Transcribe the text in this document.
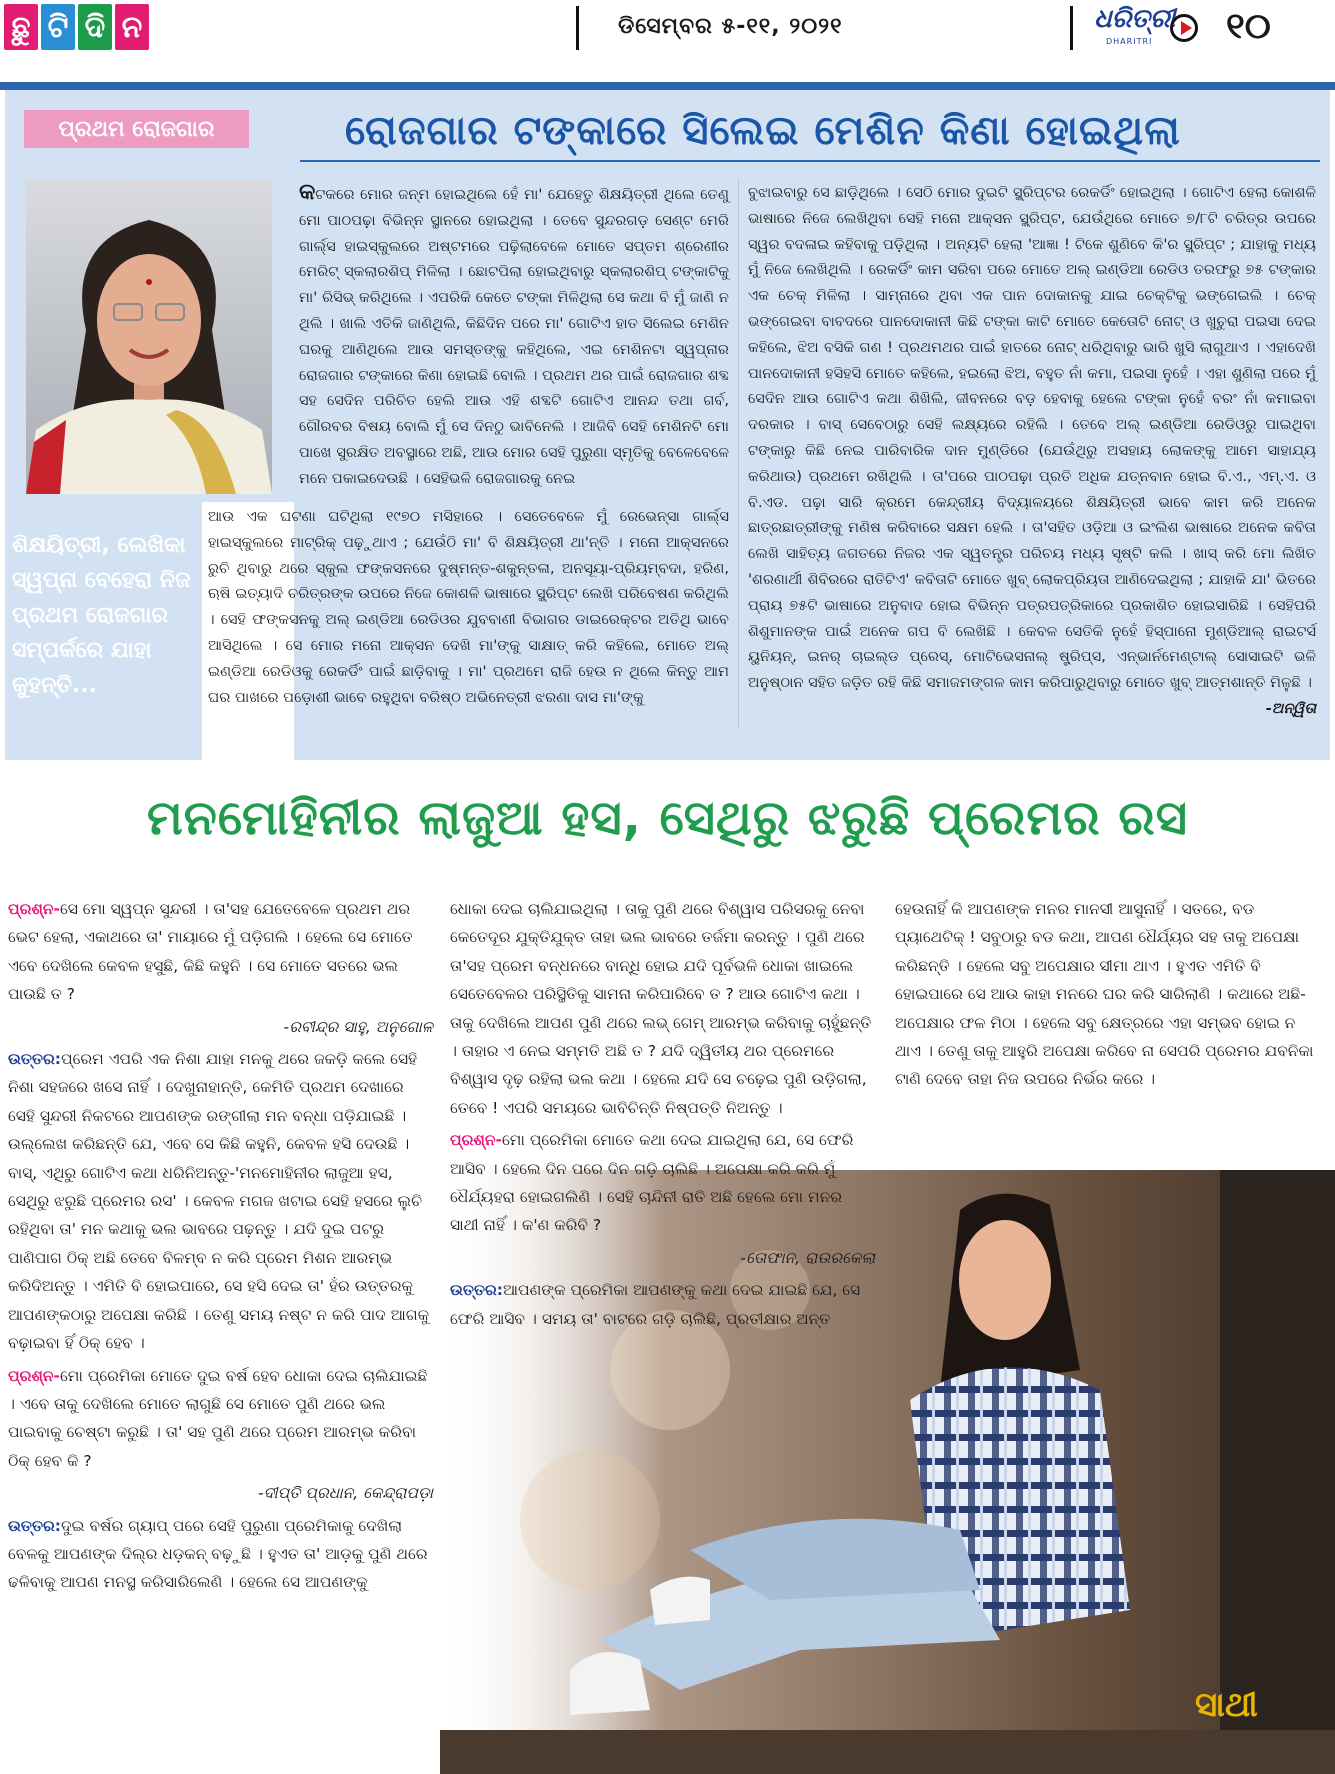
ଛୁ ଟି ଦି ନ	ଡିସେମ୍ବର ୫-୧୧, ୨୦୨୧	ଧରିତ୍ରୀ
DHARITRI ୧୦
ପ୍ରଥମ ରୋଜଗାର	ରୋଜଗାର ଟଙ୍କାରେ ସିଲେଇ ମେଶିନ କିଣା ହୋଇଥିଲା
ଶିକ୍ଷୟିତ୍ରୀ, ଲେଖିକା ସ୍ୱପ୍ନା ବେହେରା ନିଜ ପ୍ରଥମ ରୋଜଗାର ସମ୍ପର୍କରେ ଯାହା କୁହନ୍ତି...

କଟକରେ ମୋର ଜନ୍ମ ହୋଇଥିଲେ ହେଁ ମା' ଯେହେତୁ ଶିକ୍ଷୟିତ୍ରୀ ଥିଲେ ତେଣୁ ମୋ ପାଠପଢ଼ା ବିଭିନ୍ନ ସ୍ଥାନରେ ହୋଇଥିଲା । ତେବେ ସୁନ୍ଦରଗଡ଼ ସେଣ୍ଟ ମେରି ଗାର୍ଲ୍ସ ହାଇସ୍କୁଲରେ ଅଷ୍ଟମରେ ପଢ଼ିଲାବେଳେ ମୋତେ ସପ୍ତମ ଶ୍ରେଣୀର ମେରିଟ୍ ସ୍କଲାରଶିପ୍ ମିଳିଲା । ଛୋଟପିଲା ହୋଇଥିବାରୁ ସ୍କଲାରଶିପ୍ ଟଙ୍କାଟିକୁ ମା' ରିସିଭ୍ କରିଥିଲେ । ଏପରିକି କେତେ ଟଙ୍କା ମିଳିଥିଲା ସେ କଥା ବି ମୁଁ ଜାଣି ନ ଥିଲି । ଖାଲି ଏତିକି ଜାଣିଥିଲି, କିଛିଦିନ ପରେ ମା' ଗୋଟିଏ ହାତ ସିଲେଇ ମେଶିନ ଘରକୁ ଆଣିଥିଲେ ଆଉ ସମସ୍ତଙ୍କୁ କହିଥିଲେ, ଏଇ ମେଶିନଟା ସ୍ୱପ୍ନାର ରୋଜଗାର ଟଙ୍କାରେ କିଣା ହୋଇଛି ବୋଲି । ପ୍ରଥମ ଥର ପାଇଁ ରୋଜଗାର ଶବ୍ଦ ସହ ସେଦିନ ପରିଚିତ ହେଲି ଆଉ ଏହି ଶବ୍ଦଟି ଗୋଟିଏ ଆନନ୍ଦ ତଥା ଗର୍ବ, ଗୌରବର ବିଷୟ ବୋଲି ମୁଁ ସେ ଦିନଠୁ ଭାବିନେଲି । ଆଜିବି ସେହି ମେଶିନଟି ମୋ ପାଖେ ସୁରକ୍ଷିତ ଅବସ୍ଥାରେ ଅଛି, ଆଉ ମୋର ସେହି ପୁରୁଣା ସ୍ମୃତିକୁ ବେଳେବେଳେ ମନେ ପକାଇଦେଉଛି । ସେହିଭଳି ରୋଜଗାରକୁ ନେଇ

ଆଉ ଏକ ଘଟଣା ଘଟିଥିଲା ୧୯୭୦ ମସିହାରେ । ସେତେବେଳେ ମୁଁ ରେଭେନ୍ସା ଗାର୍ଲ୍ସ ହାଇସ୍କୁଲରେ ମାଟ୍ରିକ୍ ପଢ଼ୁଥାଏ ; ଯେଉଁଠି ମା' ବି ଶିକ୍ଷୟିତ୍ରୀ ଥା'ନ୍ତି । ମନୋ ଆକ୍ସନରେ ରୁଚି ଥିବାରୁ ଥରେ ସ୍କୁଲ ଫଙ୍କସନରେ ଦୁଷ୍ମନ୍ତ-ଶକୁନ୍ତଳା, ଅନସୂୟା-ପ୍ରିୟମ୍ବଦା, ହରିଣ, ଋଷି ଇତ୍ୟାଦି ଚରିତ୍ରଙ୍କ ଉପରେ ନିଜେ କୋଶଳି ଭାଷାରେ ସ୍କ୍ରିପ୍ଟ ଲେଖି ପରିବେଷଣ କରିଥିଲି । ସେହି ଫଙ୍କସନକୁ ଅଲ୍ ଇଣ୍ଡିଆ ରେଡିଓର ଯୁବବାଣୀ ବିଭାଗର ଡାଇରେକ୍ଟର ଅତିଥି ଭାବେ ଆସିଥିଲେ । ସେ ମୋର ମନୋ ଆକ୍ସନ ଦେଖି ମା'ଙ୍କୁ ସାକ୍ଷାତ୍ କରି କହିଲେ, ମୋତେ ଅଲ୍ ଇଣ୍ଡିଆ ରେଡିଓକୁ ରେକର୍ଡିଂ ପାଇଁ ଛାଡ଼ିବାକୁ । ମା' ପ୍ରଥମେ ରାଜି ହେଉ ନ ଥିଲେ କିନ୍ତୁ ଆମ ଘର ପାଖରେ ପଡ଼ୋଶୀ ଭାବେ ରହୁଥିବା ବରିଷ୍ଠ ଅଭିନେତ୍ରୀ ଝରଣା ଦାସ ମା'ଙ୍କୁ

ବୁଝାଇବାରୁ ସେ ଛାଡ଼ିଥିଲେ । ସେଠି ମୋର ଦୁଇଟି ସ୍କ୍ରିପ୍ଟର ରେକର୍ଡିଂ ହୋଇଥିଲା । ଗୋଟିଏ ହେଲା କୋଶଳି ଭାଷାରେ ନିଜେ ଲେଖିଥିବା ସେହି ମନୋ ଆକ୍ସନ ସ୍କ୍ରିପ୍ଟ, ଯେଉଁଥିରେ ମୋତେ ୭/୮ଟି ଚରିତ୍ର ଉପରେ ସ୍ୱର ବଦଳାଇ କହିବାକୁ ପଡ଼ିଥିଲା । ଅନ୍ୟଟି ହେଲା 'ଆଜ୍ଞା ! ଟିକେ ଶୁଣିବେ କି'ର ସ୍କ୍ରିପ୍ଟ ; ଯାହାକୁ ମଧ୍ୟ ମୁଁ ନିଜେ ଲେଖିଥିଲି । ରେକର୍ଡିଂ କାମ ସରିବା ପରେ ମୋତେ ଅଲ୍ ଇଣ୍ଡିଆ ରେଡିଓ ତରଫରୁ ୭୫ ଟଙ୍କାର ଏକ ଚେକ୍ ମିଳିଲା । ସାମ୍ନାରେ ଥିବା ଏକ ପାନ ଦୋକାନକୁ ଯାଇ ଚେକ୍‌ଟିକୁ ଭଙ୍ଗେଇଲି । ଚେକ୍ ଭଙ୍ଗେଇବା ବାବଦରେ ପାନଦୋକାନୀ କିଛି ଟଙ୍କା କାଟି ମୋତେ କେତୋଟି ନୋଟ୍ ଓ ଖୁଚୁରା ପଇସା ଦେଇ କହିଲେ, ଝିଅ ବସିକି ଗଣ ! ପ୍ରଥମଥର ପାଇଁ ହାତରେ ନୋଟ୍ ଧରିଥିବାରୁ ଭାରି ଖୁସି ଲାଗୁଥାଏ । ଏହାଦେଖି ପାନଦୋକାନୀ ହସିହସି ମୋତେ କହିଲେ, ହଇଲୋ ଝିଅ, ବହୁତ ନାଁ କମା, ପଇସା ନୁହେଁ । ଏହା ଶୁଣିଲା ପରେ ମୁଁ ସେଦିନ ଆଉ ଗୋଟିଏ କଥା ଶିଖିଲି, ଜୀବନରେ ବଡ଼ ହେବାକୁ ହେଲେ ଟଙ୍କା ନୁହେଁ ବରଂ ନାଁ କମାଇବା ଦରକାର । ବାସ୍ ସେବେଠାରୁ ସେହି ଲକ୍ଷ୍ୟରେ ରହିଲି । ତେବେ ଅଲ୍ ଇଣ୍ଡିଆ ରେଡିଓରୁ ପାଇଥିବା ଟଙ୍କାରୁ କିଛି ନେଇ ପାରିବାରିକ ଦାନ ମୁଣ୍ଡିରେ (ଯେଉଁଥିରୁ ଅସହାୟ ଲୋକଙ୍କୁ ଆମେ ସାହାଯ୍ୟ କରିଥାଉ) ପ୍ରଥମେ ରଖିଥିଲି । ତା'ପରେ ପାଠପଢ଼ା ପ୍ରତି ଅଧିକ ଯତ୍ନବାନ ହୋଇ ବି.ଏ., ଏମ୍.ଏ. ଓ ବି.ଏଡ. ପଢ଼ା ସାରି କ୍ରମେ କେନ୍ଦ୍ରୀୟ ବିଦ୍ୟାଳୟରେ ଶିକ୍ଷୟିତ୍ରୀ ଭାବେ କାମ କରି ଅନେକ ଛାତ୍ରଛାତ୍ରୀଙ୍କୁ ମଣିଷ କରିବାରେ ସକ୍ଷମ ହେଲି । ତା'ସହିତ ଓଡ଼ିଆ ଓ ଇଂଲିଶ ଭାଷାରେ ଅନେକ କବିତା ଲେଖି ସାହିତ୍ୟ ଜଗତରେ ନିଜର ଏକ ସ୍ୱତନ୍ତ୍ର ପରିଚୟ ମଧ୍ୟ ସୃଷ୍ଟି କଲି । ଖାସ୍ କରି ମୋ ଲିଖିତ 'ଶରଣାର୍ଥୀ ଶିବିରରେ ରାତିଟିଏ' କବିତାଟି ମୋତେ ଖୁବ୍ ଲୋକପ୍ରିୟତା ଆଣିଦେଇଥିଲା ; ଯାହାକି ଯା' ଭିତରେ ପ୍ରାୟ ୭୫ଟି ଭାଷାରେ ଅନୁବାଦ ହୋଇ ବିଭିନ୍ନ ପତ୍ରପତ୍ରିକାରେ ପ୍ରକାଶିତ ହୋଇସାରିଛି । ସେହିପରି ଶିଶୁମାନଙ୍କ ପାଇଁ ଅନେକ ଗପ ବି ଲେଖିଛି । କେବଳ ସେତିକି ନୁହେଁ ହିସ୍ପାନୋ ମୁଣ୍ଡିଆଲ୍ ରାଇଟର୍ସ ୟୁନିୟନ୍, ଇନର୍ ଚାଇଲ୍ଡ ପ୍ରେସ୍, ମୋଟିଭେସନାଲ୍ ଷ୍ଟ୍ରିପ୍ସ, ଏନ୍‌ଭାର୍ନମେଣ୍ଟାଲ୍ ସୋସାଇଟି ଭଳି ଅନୁଷ୍ଠାନ ସହିତ ଜଡ଼ିତ ରହି କିଛି ସମାଜମଙ୍ଗଳ କାମ କରିପାରୁଥିବାରୁ ମୋତେ ଖୁବ୍ ଆତ୍ମଶାନ୍ତି ମିଳୁଛି ।

-ଅନ୍ୱିତା

ମନମୋହିନୀର ଲାଜୁଆ ହସ, ସେଥିରୁ ଝରୁଛି ପ୍ରେମର ରସ
ସାଥୀ

ପ୍ରଶ୍ନ-ସେ ମୋ ସ୍ୱପ୍ନ ସୁନ୍ଦରୀ । ତା'ସହ ଯେତେବେଳେ ପ୍ରଥମ ଥର ଭେଟ ହେଲା, ଏକାଥରେ ତା' ମାୟାରେ ମୁଁ ପଡ଼ିଗଲି । ହେଲେ ସେ ମୋତେ ଏବେ ଦେଖିଲେ କେବଳ ହସୁଛି, କିଛି କହୁନି । ସେ ମୋତେ ସତରେ ଭଲ ପାଉଛି ତ ?

-ରବୀନ୍ଦ୍ର ସାହୁ, ଅନୁଗୋଳ

ଉତ୍ତର:ପ୍ରେମ ଏପରି ଏକ ନିଶା ଯାହା ମନକୁ ଥରେ ଜକଡ଼ି କଲେ ସେହି ନିଶା ସହଜରେ ଖସେ ନାହିଁ । ଦେଖୁନାହାନ୍ତି, କେମିତି ପ୍ରଥମ ଦେଖାରେ ସେହି ସୁନ୍ଦରୀ ନିକଟରେ ଆପଣଙ୍କ ରଙ୍ଗୀଲା ମନ ବନ୍ଧା ପଡ଼ିଯାଇଛି । ଉଲ୍ଲେଖ କରିଛନ୍ତି ଯେ, ଏବେ ସେ କିଛି କହୁନି, କେବଳ ହସି ଦେଉଛି । ବାସ୍, ଏଥିରୁ ଗୋଟିଏ କଥା ଧରିନିଅନ୍ତୁ-'ମନମୋହିନୀର ଲାଜୁଆ ହସ, ସେଥିରୁ ଝରୁଛି ପ୍ରେମର ରସ' । କେବଳ ମଗଜ ଖଟାଇ ସେହି ହସରେ ଲୁଚି ରହିଥିବା ତା' ମନ କଥାକୁ ଭଲ ଭାବରେ ପଢ଼ନ୍ତୁ । ଯଦି ଦୁଇ ପଟରୁ ପାଣିପାଗ ଠିକ୍ ଅଛି ତେବେ ବିଳମ୍ବ ନ କରି ପ୍ରେମ ମିଶନ ଆରମ୍ଭ କରିଦିଅନ୍ତୁ । ଏମିତି ବି ହୋଇପାରେ, ସେ ହସି ଦେଇ ତା' ହଁର ଉତ୍ତରକୁ ଆପଣଙ୍କଠାରୁ ଅପେକ୍ଷା କରିଛି । ତେଣୁ ସମୟ ନଷ୍ଟ ନ କରି ପାଦ ଆଗକୁ ବଢ଼ାଇବା ହିଁ ଠିକ୍ ହେବ ।

ପ୍ରଶ୍ନ-ମୋ ପ୍ରେମିକା ମୋତେ ଦୁଇ ବର୍ଷ ହେବ ଧୋକା ଦେଇ ଚାଲିଯାଇଛି । ଏବେ ତାକୁ ଦେଖିଲେ ମୋତେ ଲାଗୁଛି ସେ ମୋତେ ପୁଣି ଥରେ ଭଲ ପାଇବାକୁ ଚେଷ୍ଟା କରୁଛି । ତା' ସହ ପୁଣି ଥରେ ପ୍ରେମ ଆରମ୍ଭ କରିବା ଠିକ୍ ହେବ କି ?

-ଦୀପ୍ତି ପ୍ରଧାନ, କେନ୍ଦ୍ରାପଡ଼ା

ଉତ୍ତର:ଦୁଇ ବର୍ଷର ଗ୍ୟାପ୍ ପରେ ସେହି ପୁରୁଣା ପ୍ରେମିକାକୁ ଦେଖିଲା ବେଳକୁ ଆପଣଙ୍କ ଦିଲ୍‌ର ଧଡ଼କନ୍ ବଢ଼ୁଛି । ହୁଏତ ତା' ଆଡ଼କୁ ପୁଣି ଥରେ ଢଳିବାକୁ ଆପଣ ମନସ୍ଥ କରିସାରିଲେଣି । ହେଲେ ସେ ଆପଣଙ୍କୁ

ଧୋକା ଦେଇ ଚାଲିଯାଇଥିଲା । ତାକୁ ପୁଣି ଥରେ ବିଶ୍ୱାସ ପରିସରକୁ ନେବା କେତେଦୂର ଯୁକ୍ତିଯୁକ୍ତ ତାହା ଭଲ ଭାବରେ ତର୍ଜମା କରନ୍ତୁ । ପୁଣି ଥରେ ତା'ସହ ପ୍ରେମ ବନ୍ଧନରେ ବାନ୍ଧି ହୋଇ ଯଦି ପୂର୍ବଭଳି ଧୋକା ଖାଇଲେ ସେତେବେଳର ପରିସ୍ଥିତିକୁ ସାମନା କରିପାରିବେ ତ ? ଆଉ ଗୋଟିଏ କଥା । ତାକୁ ଦେଖିଲେ ଆପଣ ପୁଣି ଥରେ ଲଭ୍ ଗେମ୍ ଆରମ୍ଭ କରିବାକୁ ଚାହୁଁଛନ୍ତି । ତାହାର ଏ ନେଇ ସମ୍ମତି ଅଛି ତ ? ଯଦି ଦ୍ୱିତୀୟ ଥର ପ୍ରେମରେ ବିଶ୍ୱାସ ଦୃଢ଼ ରହିଲା ଭଲ କଥା । ହେଲେ ଯଦି ସେ ଚଢ଼େଇ ପୁଣି ଉଡ଼ିଗଲା, ତେବେ ! ଏପରି ସମୟରେ ଭାବିଚିନ୍ତି ନିଷ୍ପତ୍ତି ନିଅନ୍ତୁ ।

ପ୍ରଶ୍ନ-ମୋ ପ୍ରେମିକା ମୋତେ କଥା ଦେଇ ଯାଇଥିଲା ଯେ, ସେ ଫେରି ଆସିବ । ହେଲେ ଦିନ ପରେ ଦିନ ଗଡ଼ି ଚାଲିଛି । ଅପେକ୍ଷା କରି କରି ମୁଁ ଧୈର୍ଯ୍ୟହରା ହୋଇଗଲିଣି । ସେହି ଚାନ୍ଦିନୀ ରାତି ଅଛି ହେଲେ ମୋ ମନର ସାଥୀ ନାହିଁ । କ'ଣ କରିବି ?

-ତୋଫାନ, ରାଉରକେଲା

ଉତ୍ତର:ଆପଣଙ୍କ ପ୍ରେମିକା ଆପଣଙ୍କୁ କଥା ଦେଇ ଯାଇଛି ଯେ, ସେ ଫେରି ଆସିବ । ସମୟ ତା' ବାଟରେ ଗଡ଼ି ଚାଲିଛି, ପ୍ରତୀକ୍ଷାର ଅନ୍ତ

ହେଉନାହିଁ କି ଆପଣଙ୍କ ମନର ମାନସୀ ଆସୁନାହିଁ । ସତରେ, ବଡ ପ୍ୟାଥେଟିକ୍ ! ସବୁଠାରୁ ବଡ କଥା, ଆପଣ ଧୈର୍ଯ୍ୟର ସହ ତାକୁ ଅପେକ୍ଷା କରିଛନ୍ତି । ହେଲେ ସବୁ ଅପେକ୍ଷାର ସୀମା ଥାଏ । ହୁଏତ ଏମିତି ବି ହୋଇପାରେ ସେ ଆଉ କାହା ମନରେ ଘର କରି ସାରିଲାଣି । କଥାରେ ଅଛି-ଅପେକ୍ଷାର ଫଳ ମିଠା । ହେଲେ ସବୁ କ୍ଷେତ୍ରରେ ଏହା ସମ୍ଭବ ହୋଇ ନ ଥାଏ । ତେଣୁ ତାକୁ ଆହୁରି ଅପେକ୍ଷା କରିବେ ନା ସେପରି ପ୍ରେମର ଯବନିକା ଟାଣି ଦେବେ ତାହା ନିଜ ଉପରେ ନିର୍ଭର କରେ ।
